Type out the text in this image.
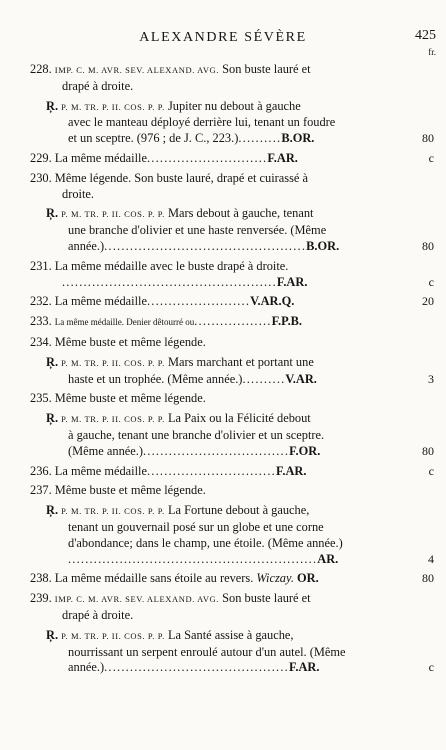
ALEXANDRE SÉVÈRE	425
fr.
228. IMP. C. M. AVR. SEV. ALEXAND. AVG. Son buste lauré et
drapé à droite.
Ŗ. P. M. TR. P. II. COS. P. P. Jupiter nu debout à gauche
avec le manteau déployé derrière lui, tenant un foudre
et un sceptre. (976 ; de J. C., 223.)..........B.OR.	80
229. La même médaille............................F.AR.	c
230. Même légende. Son buste lauré, drapé et cuirassé à
droite.
Ŗ. P. M. TR. P. II. COS. P. P. Mars debout à gauche, tenant
une branche d'olivier et une haste renversée. (Même
année.)...............................................B.OR.	80
231. La même médaille avec le buste drapé à droite.
..................................................F.AR.	c
232. La même médaille........................V.AR.Q.	20
233. La même médaille. Denier dêtourré ou..................F.P.B.
234. Même buste et même légende.
Ŗ. P. M. TR. P. II. COS. P. P. Mars marchant et portant une
haste et un trophée. (Même année.)..........V.AR.	3
235. Même buste et même légende.
Ŗ. P. M. TR. P. II. COS. P. P. La Paix ou la Félicité debout
à gauche, tenant une branche d'olivier et un sceptre.
(Même année.)..................................F.OR.	80
236. La même médaille..............................F.AR.	c
237. Même buste et même légende.
Ŗ. P. M. TR. P. II. COS. P. P. La Fortune debout à gauche,
tenant un gouvernail posé sur un globe et une corne
d'abondance; dans le champ, une étoile. (Même année.)
..........................................................AR.	4
238. La même médaille sans étoile au revers. Wiczay. OR.	80
239. IMP. C. M. AVR. SEV. ALEXAND. AVG. Son buste lauré et
drapé à droite.
Ŗ. P. M. TR. P. II. COS. P. P. La Santé assise à gauche,
nourrissant un serpent enroulé autour d'un autel. (Même
année.)...........................................F.AR.	c
